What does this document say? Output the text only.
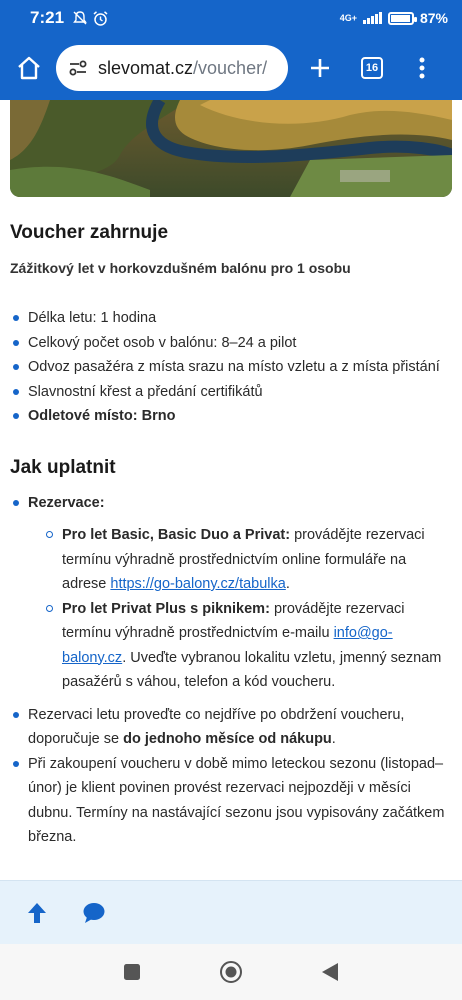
7:21	4G+	87%
slevomat.cz/voucher/	16
Voucher zahrnuje

Zážitkový let v horkovzdušném balónu pro 1 osobu

Délka letu: 1 hodina
Celkový počet osob v balónu: 8–24 a pilot
Odvoz pasažéra z místa srazu na místo vzletu a z místa přistání
Slavnostní křest a předání certifikátů
Odletové místo: Brno
Jak uplatnit
Rezervace:
Pro let Basic, Basic Duo a Privat: provádějte rezervaci termínu výhradně prostřednictvím online formuláře na adrese https://go-balony.cz/tabulka.
Pro let Privat Plus s piknikem: provádějte rezervaci termínu výhradně prostřednictvím e-mailu info@go-balony.cz. Uveďte vybranou lokalitu vzletu, jmenný seznam pasažérů s váhou, telefon a kód voucheru.
Rezervaci letu proveďte co nejdříve po obdržení voucheru, doporučuje se do jednoho měsíce od nákupu.
Při zakoupení voucheru v době mimo leteckou sezonu (listopad–únor) je klient povinen provést rezervaci nejpozději v měsíci dubnu. Termíny na nastávající sezonu jsou vypisovány začátkem března.
